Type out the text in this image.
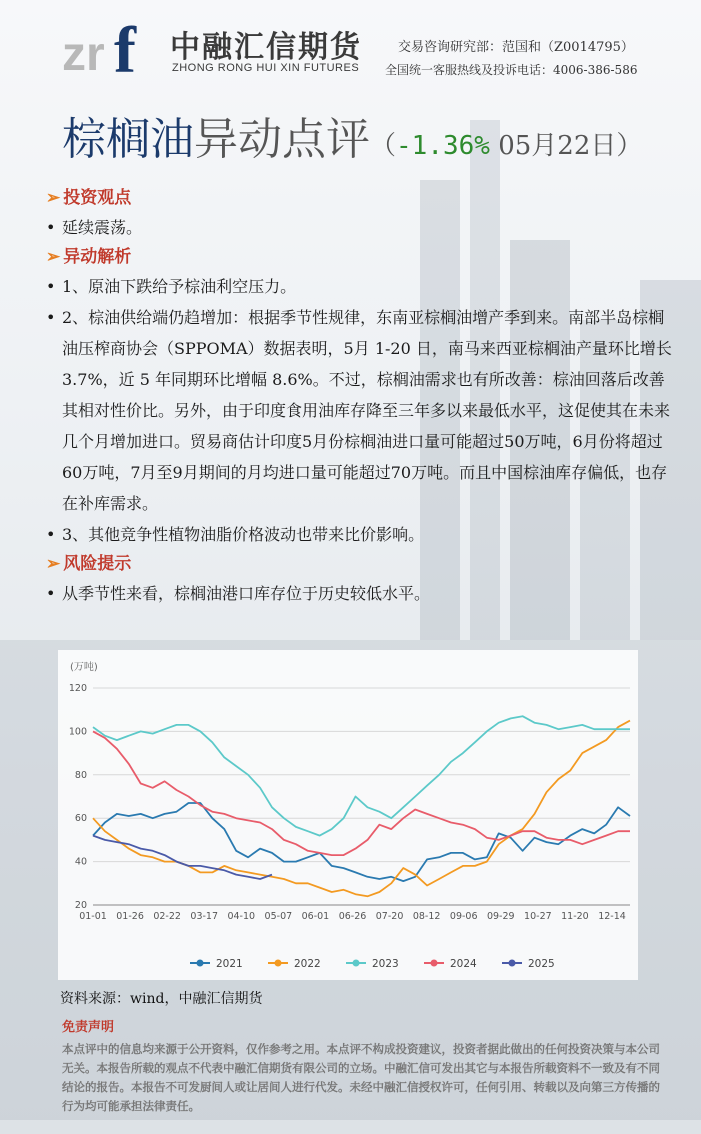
zr f 中融汇信期货
ZHONG RONG HUI XIN FUTURES
交易咨询研究部：范国和（Z0014795）
全国统一客服热线及投诉电话：4006-386-586
棕榈油异动点评（-1.36% 05月22日）
➢ 投资观点
• 延续震荡。
➢ 异动解析
• 1、原油下跌给予棕油利空压力。
• 2、棕油供给端仍趋增加：根据季节性规律，东南亚棕榈油增产季到来。南部半岛棕榈油压榨商协会（SPPOMA）数据表明，5月 1-20 日，南马来西亚棕榈油产量环比增长 3.7%，近 5 年同期环比增幅 8.6%。不过，棕榈油需求也有所改善：棕油回落后改善其相对性价比。另外，由于印度食用油库存降至三年多以来最低水平，这促使其在未来几个月增加进口。贸易商估计印度5月份棕榈油进口量可能超过50万吨，6月份将超过60万吨，7月至9月期间的月均进口量可能超过70万吨。而且中国棕油库存偏低，也存在补库需求。
• 3、其他竞争性植物油脂价格波动也带来比价影响。
➢ 风险提示
• 从季节性来看，棕榈油港口库存位于历史较低水平。
(万吨)
20
40
60
80
100
120
01-01 01-26 02-22 03-17 04-10 05-07 06-01 06-26 07-20 08-12 09-06 09-29 10-27 11-20 12-14
2021	2022	2023	2024	2025
资料来源：wind，中融汇信期货
免责声明
本点评中的信息均来源于公开资料，仅作参考之用。本点评不构成投资建议，投资者据此做出的任何投资决策与本公司无关。本报告所载的观点不代表中融汇信期货有限公司的立场。中融汇信可发出其它与本报告所载资料不一致及有不同结论的报告。本报告不可发厨间人或让居间人进行代发。未经中融汇信授权许可，任何引用、转载以及向第三方传播的行为均可能承担法律责任。
